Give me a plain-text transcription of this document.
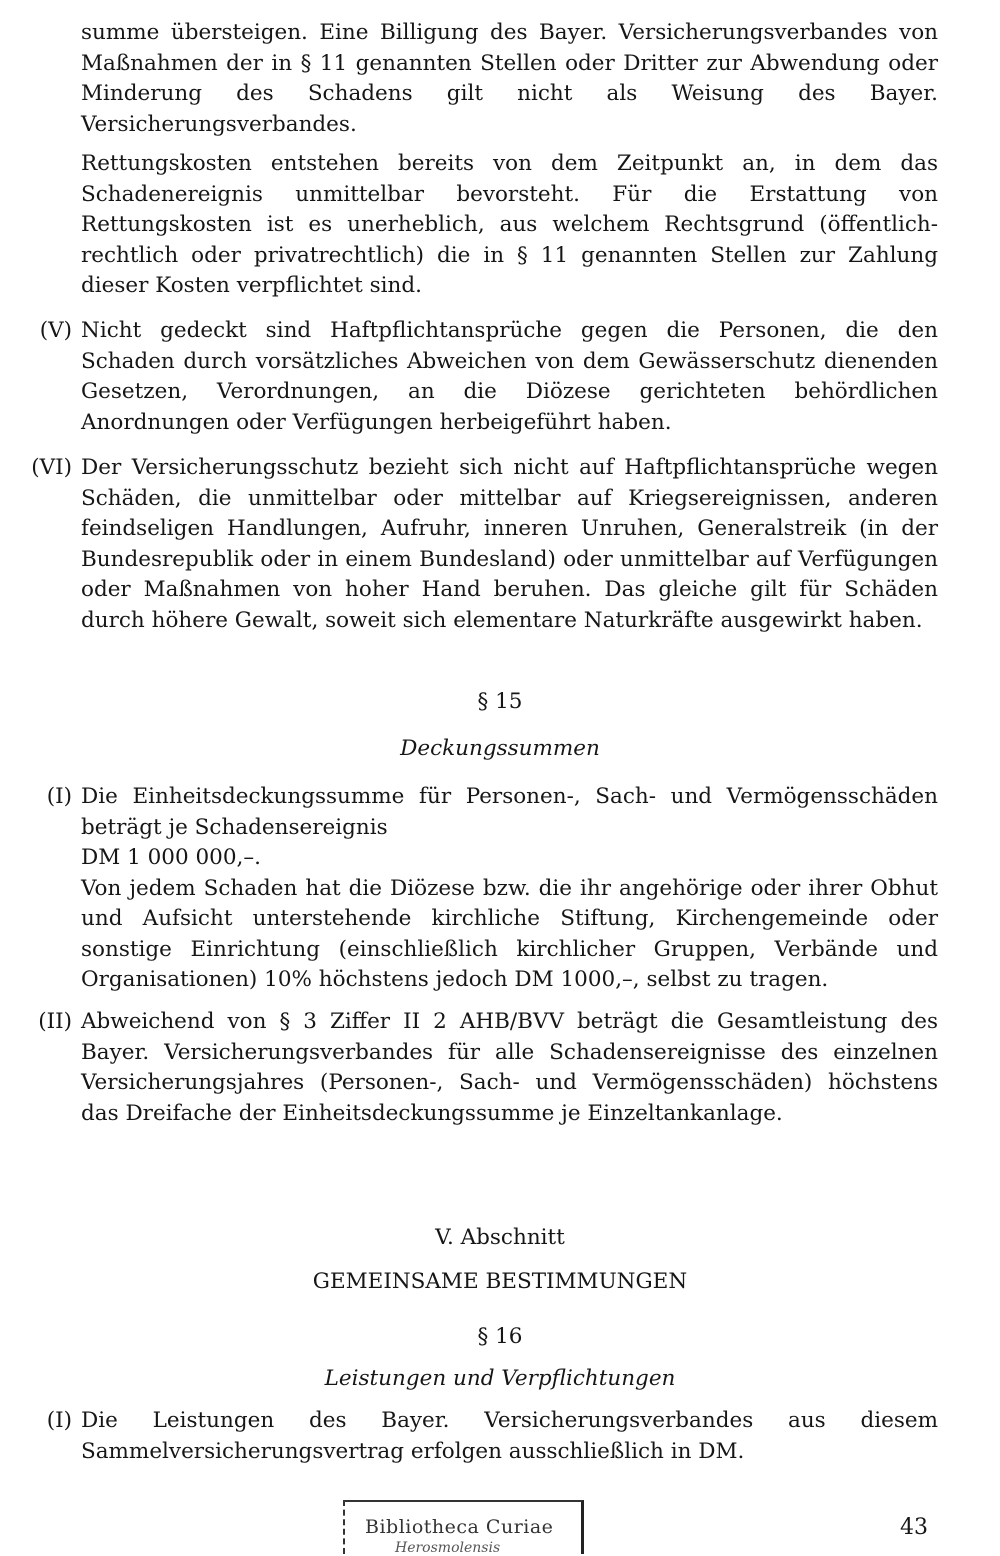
summe übersteigen. Eine Billigung des Bayer. Versicherungsverbandes von Maßnahmen der in § 11 genannten Stellen oder Dritter zur Abwendung oder Minderung des Schadens gilt nicht als Weisung des Bayer. Versicherungsverbandes.

Rettungskosten entstehen bereits von dem Zeitpunkt an, in dem das Schadenereignis unmittelbar bevorsteht. Für die Erstattung von Rettungskosten ist es unerheblich, aus welchem Rechtsgrund (öffentlich-rechtlich oder privatrechtlich) die in § 11 genannten Stellen zur Zahlung dieser Kosten verpflichtet sind.

(V) Nicht gedeckt sind Haftpflichtansprüche gegen die Personen, die den Schaden durch vorsätzliches Abweichen von dem Gewässerschutz dienenden Gesetzen, Verordnungen, an die Diözese gerichteten behördlichen Anordnungen oder Verfügungen herbeigeführt haben.

(VI) Der Versicherungsschutz bezieht sich nicht auf Haftpflichtansprüche wegen Schäden, die unmittelbar oder mittelbar auf Kriegsereignissen, anderen feindseligen Handlungen, Aufruhr, inneren Unruhen, Generalstreik (in der Bundesrepublik oder in einem Bundesland) oder unmittelbar auf Verfügungen oder Maßnahmen von hoher Hand beruhen. Das gleiche gilt für Schäden durch höhere Gewalt, soweit sich elementare Naturkräfte ausgewirkt haben.

§ 15
Deckungssummen
(I) Die Einheitsdeckungssumme für Personen-, Sach- und Vermögensschäden beträgt je Schadensereignis
DM 1 000 000,–.
Von jedem Schaden hat die Diözese bzw. die ihr angehörige oder ihrer Obhut und Aufsicht unterstehende kirchliche Stiftung, Kirchengemeinde oder sonstige Einrichtung (einschließlich kirchlicher Gruppen, Verbände und Organisationen) 10% höchstens jedoch DM 1000,–, selbst zu tragen.
(II) Abweichend von § 3 Ziffer II 2 AHB/BVV beträgt die Gesamtleistung des Bayer. Versicherungsverbandes für alle Schadensereignisse des einzelnen Versicherungsjahres (Personen-, Sach- und Vermögensschäden) höchstens das Dreifache der Einheitsdeckungssumme je Einzeltankanlage.

V. Abschnitt
GEMEINSAME BESTIMMUNGEN
§ 16
Leistungen und Verpflichtungen
(I) Die Leistungen des Bayer. Versicherungsverbandes aus diesem Sammelversicherungsvertrag erfolgen ausschließlich in DM.

Bibliotheca Curiae
Herosmolensis
43
